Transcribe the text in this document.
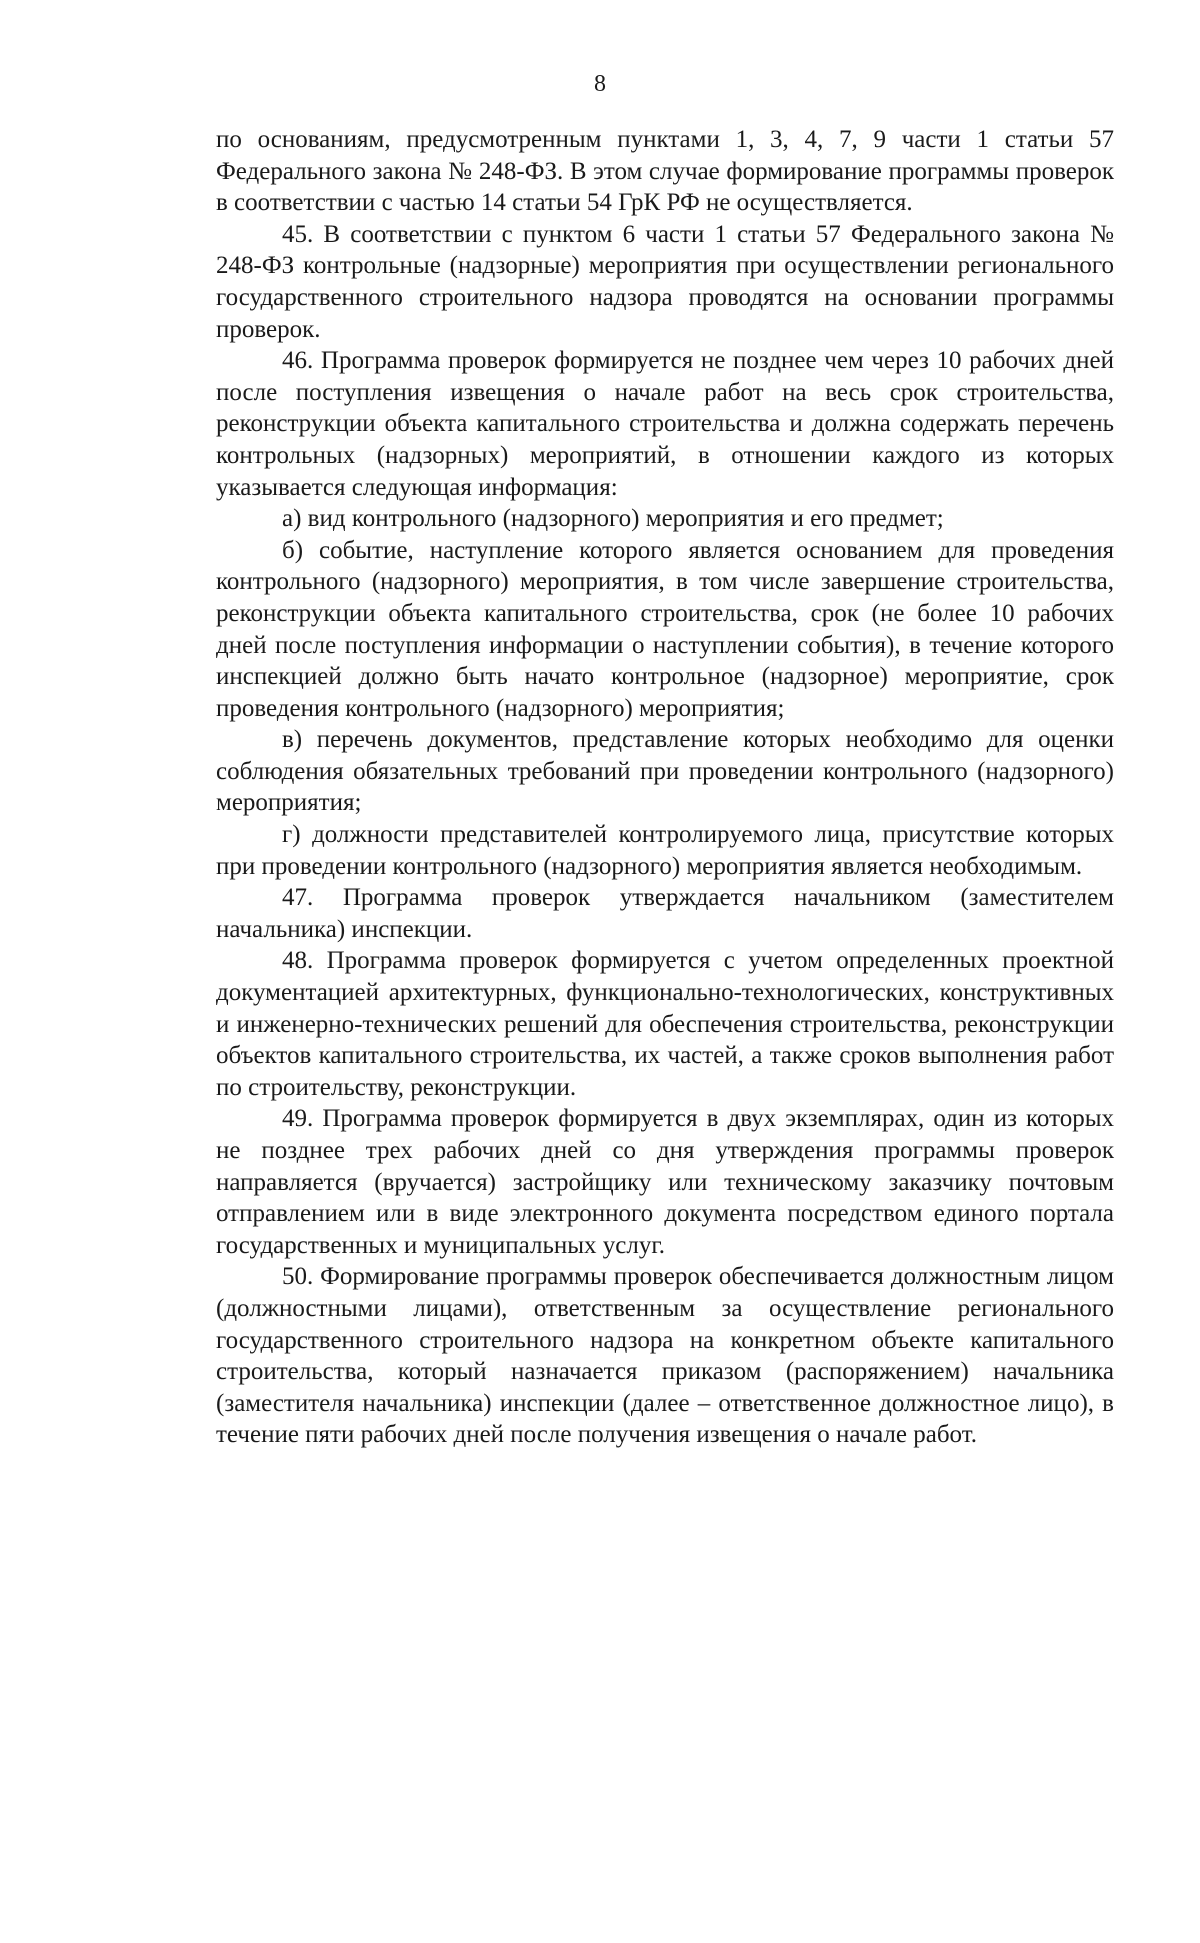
8

по основаниям, предусмотренным пунктами 1, 3, 4, 7, 9 части 1 статьи 57 Федерального закона № 248-ФЗ. В этом случае формирование программы проверок в соответствии с частью 14 статьи 54 ГрК РФ не осуществляется.

45. В соответствии с пунктом 6 части 1 статьи 57 Федерального закона № 248-ФЗ контрольные (надзорные) мероприятия при осуществлении регионального государственного строительного надзора проводятся на основании программы проверок.

46. Программа проверок формируется не позднее чем через 10 рабочих дней после поступления извещения о начале работ на весь срок строительства, реконструкции объекта капитального строительства и должна содержать перечень контрольных (надзорных) мероприятий, в отношении каждого из которых указывается следующая информация:

а) вид контрольного (надзорного) мероприятия и его предмет;

б) событие, наступление которого является основанием для проведения контрольного (надзорного) мероприятия, в том числе завершение строительства, реконструкции объекта капитального строительства, срок (не более 10 рабочих дней после поступления информации о наступлении события), в течение которого инспекцией должно быть начато контрольное (надзорное) мероприятие, срок проведения контрольного (надзорного) мероприятия;

в) перечень документов, представление которых необходимо для оценки соблюдения обязательных требований при проведении контрольного (надзорного) мероприятия;

г) должности представителей контролируемого лица, присутствие которых при проведении контрольного (надзорного) мероприятия является необходимым.

47. Программа проверок утверждается начальником (заместителем начальника) инспекции.

48. Программа проверок формируется с учетом определенных проектной документацией архитектурных, функционально-технологических, конструктивных и инженерно-технических решений для обеспечения строительства, реконструкции объектов капитального строительства, их частей, а также сроков выполнения работ по строительству, реконструкции.

49. Программа проверок формируется в двух экземплярах, один из которых не позднее трех рабочих дней со дня утверждения программы проверок направляется (вручается) застройщику или техническому заказчику почтовым отправлением или в виде электронного документа посредством единого портала государственных и муниципальных услуг.

50. Формирование программы проверок обеспечивается должностным лицом (должностными лицами), ответственным за осуществление регионального государственного строительного надзора на конкретном объекте капитального строительства, который назначается приказом (распоряжением) начальника (заместителя начальника) инспекции (далее – ответственное должностное лицо), в течение пяти рабочих дней после получения извещения о начале работ.
